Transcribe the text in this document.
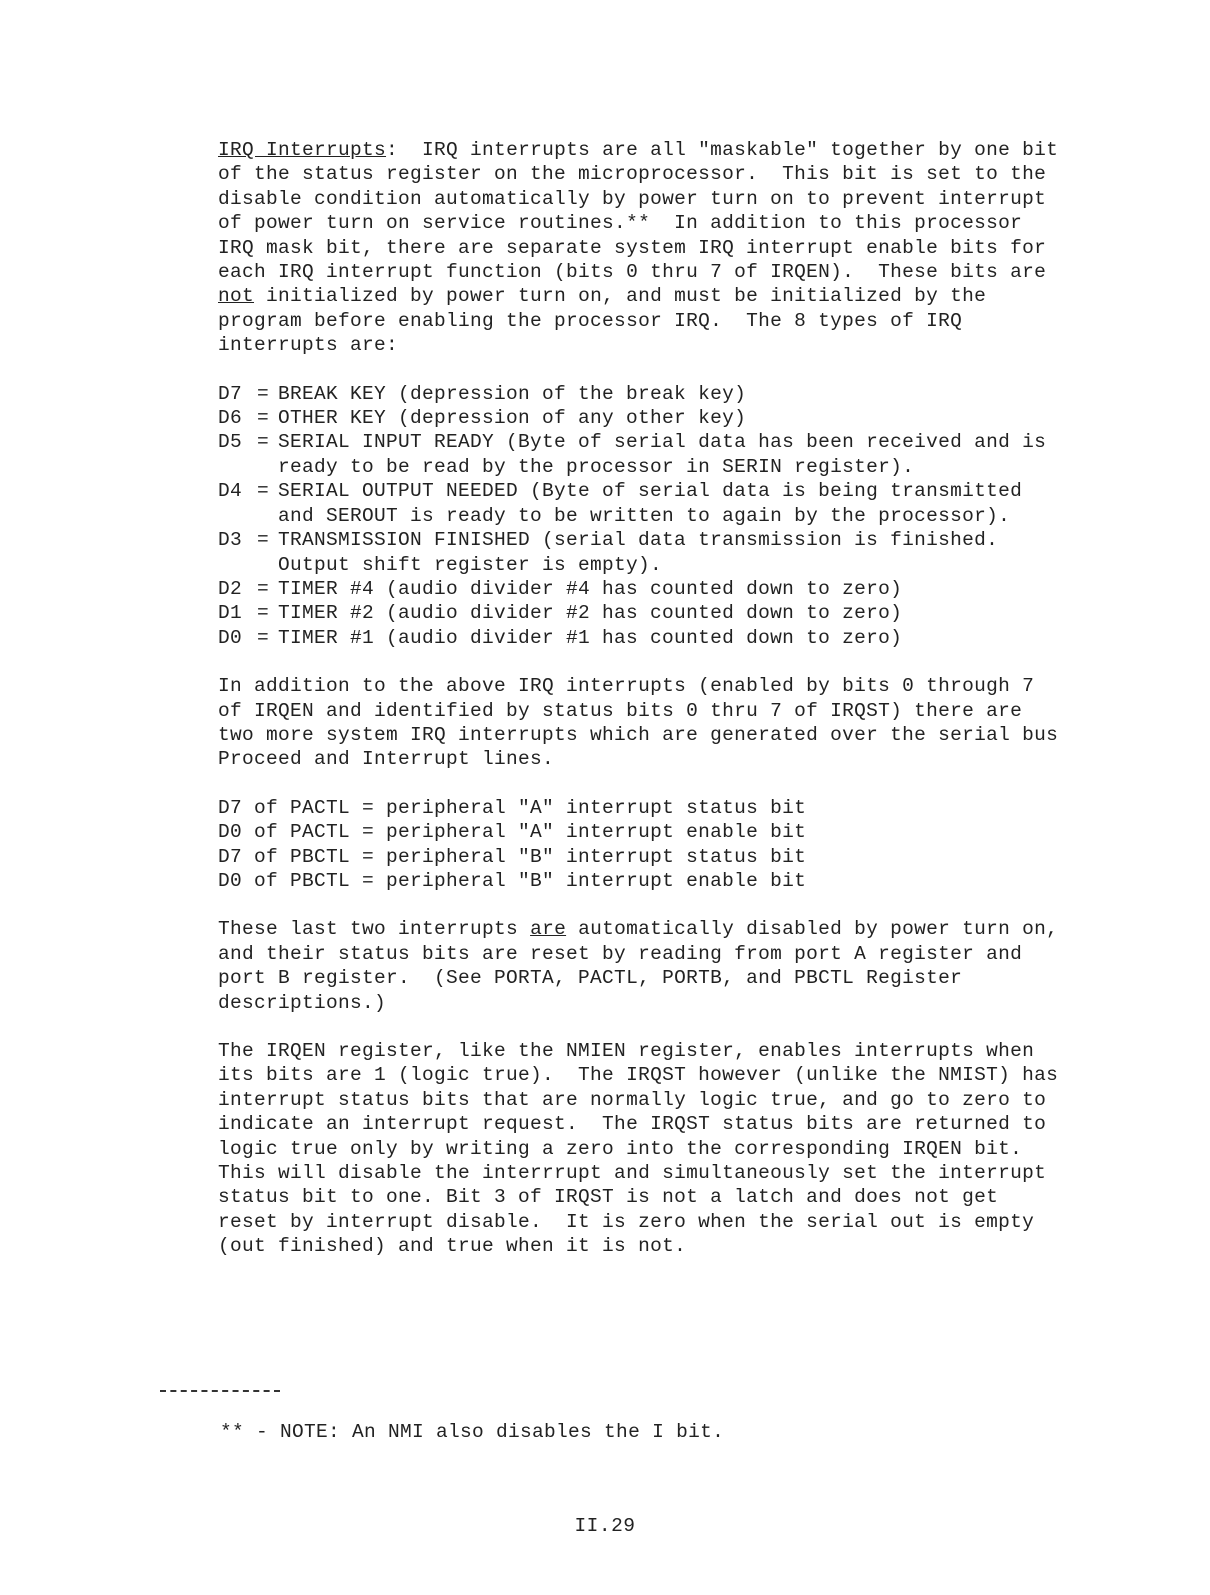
IRQ Interrupts:  IRQ interrupts are all "maskable" together by one bit of the status register on the microprocessor.  This bit is set to the disable condition automatically by power turn on to prevent interrupt of power turn on service routines.**  In addition to this processor IRQ mask bit, there are separate system IRQ interrupt enable bits for each IRQ interrupt function (bits 0 thru 7 of IRQEN).  These bits are not initialized by power turn on, and must be initialized by the program before enabling the processor IRQ.  The 8 types of IRQ interrupts are:

D7 = BREAK KEY (depression of the break key)
D6 = OTHER KEY (depression of any other key)
D5 = SERIAL INPUT READY (Byte of serial data has been received and is ready to be read by the processor in SERIN register).
D4 = SERIAL OUTPUT NEEDED (Byte of serial data is being transmitted and SEROUT is ready to be written to again by the processor).
D3 = TRANSMISSION FINISHED (serial data transmission is finished. Output shift register is empty).
D2 = TIMER #4 (audio divider #4 has counted down to zero)
D1 = TIMER #2 (audio divider #2 has counted down to zero)
D0 = TIMER #1 (audio divider #1 has counted down to zero)

In addition to the above IRQ interrupts (enabled by bits 0 through 7 of IRQEN and identified by status bits 0 thru 7 of IRQST) there are two more system IRQ interrupts which are generated over the serial bus Proceed and Interrupt lines.

D7 of PACTL = peripheral "A" interrupt status bit
D0 of PACTL = peripheral "A" interrupt enable bit
D7 of PBCTL = peripheral "B" interrupt status bit
D0 of PBCTL = peripheral "B" interrupt enable bit

These last two interrupts are automatically disabled by power turn on, and their status bits are reset by reading from port A register and port B register.  (See PORTA, PACTL, PORTB, and PBCTL Register descriptions.)

The IRQEN register, like the NMIEN register, enables interrupts when its bits are 1 (logic true).  The IRQST however (unlike the NMIST) has interrupt status bits that are normally logic true, and go to zero to indicate an interrupt request.  The IRQST status bits are returned to logic true only by writing a zero into the corresponding IRQEN bit.  This will disable the interrrupt and simultaneously set the interrupt status bit to one. Bit 3 of IRQST is not a latch and does not get reset by interrupt disable.  It is zero when the serial out is empty (out finished) and true when it is not.

** - NOTE: An NMI also disables the I bit.
II.29
